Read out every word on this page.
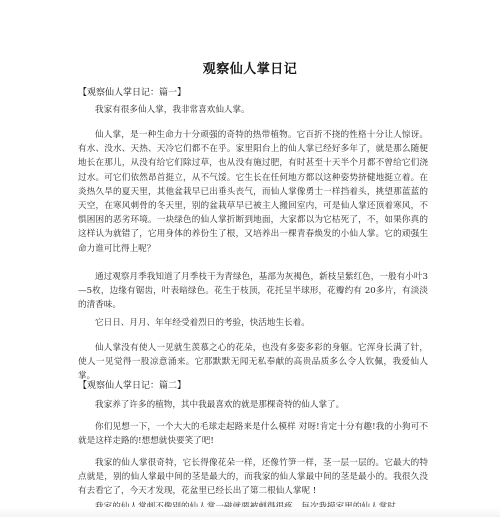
观察仙人掌日记
【观察仙人掌日记：篇一】
我家有很多仙人掌，我非常喜欢仙人掌。
仙人掌，是一种生命力十分顽强的奇特的热带植物。它百折不挠的性格十分让人惊讶。有水、没水、天热、天冷它们都不在乎。家里阳台上的仙人掌已经好多年了，就是那么随便地长在那儿，从没有给它们除过草，也从没有施过肥，有时甚至十天半个月都不曾给它们浇过水。可它们依然昂首挺立，从不气馁。它生长在任何地方都以这种姿势挤健地挺立着。在炎热久旱的夏天里，其他盆栽早已出垂头丧气，而仙人掌像勇士一样挡着头，挑望那蓝蓝的天空，在寒风刺骨的冬天里，别的盆栽草早已被主人搬回室内，可是仙人掌还顶着寒风，不惧困困的恶劣环境。一块绿色的仙人掌折断到地面，大家都以为它枯死了，不，如果你真的这样认为就错了，它用身体的养份生了根，又培养出一棵青春焕发的小仙人掌。它的顽强生命力谁可比得上呢？
通过观察月季我知道了月季枝干为青绿色，基部为灰褐色，新枝呈紫红色，一般有小叶3—5枚，边缘有锯齿，叶表暗绿色。花生于枝顶，花托呈半球形，花瓣约有 20多片，有淡淡的清香味。
它日日、月月、年年经受着烈日的考验，快活地生长着。
仙人掌没有使人一见就生羡慕之心的花朵，也没有多姿多彩的身躯。它浑身长满了针，使人一见觉得一股凉意涌来。它那默默无闻无私奉献的高贵品质多么令人钦佩，我爱仙人掌。
【观察仙人掌日记：篇二】
我家养了许多的植物，其中我最喜欢的就是那棵奇特的仙人掌了。
你们见想一下，一个大大的毛球走起路来是什么模样 对呀!肯定十分有趣!我的小狗可不就是这样走路的!想想就快要笑了吧!
我家的仙人掌很奇特，它长得像花朵一样，还像竹笋一样，茎一层一层的。它最大的特点就是，别的仙人掌最中间的茎是最大的，而我家的仙人掌最中间的茎是最小的。我很久没有去看它了，今天才发现，花盆里已经长出了第二根仙人掌呢 !
